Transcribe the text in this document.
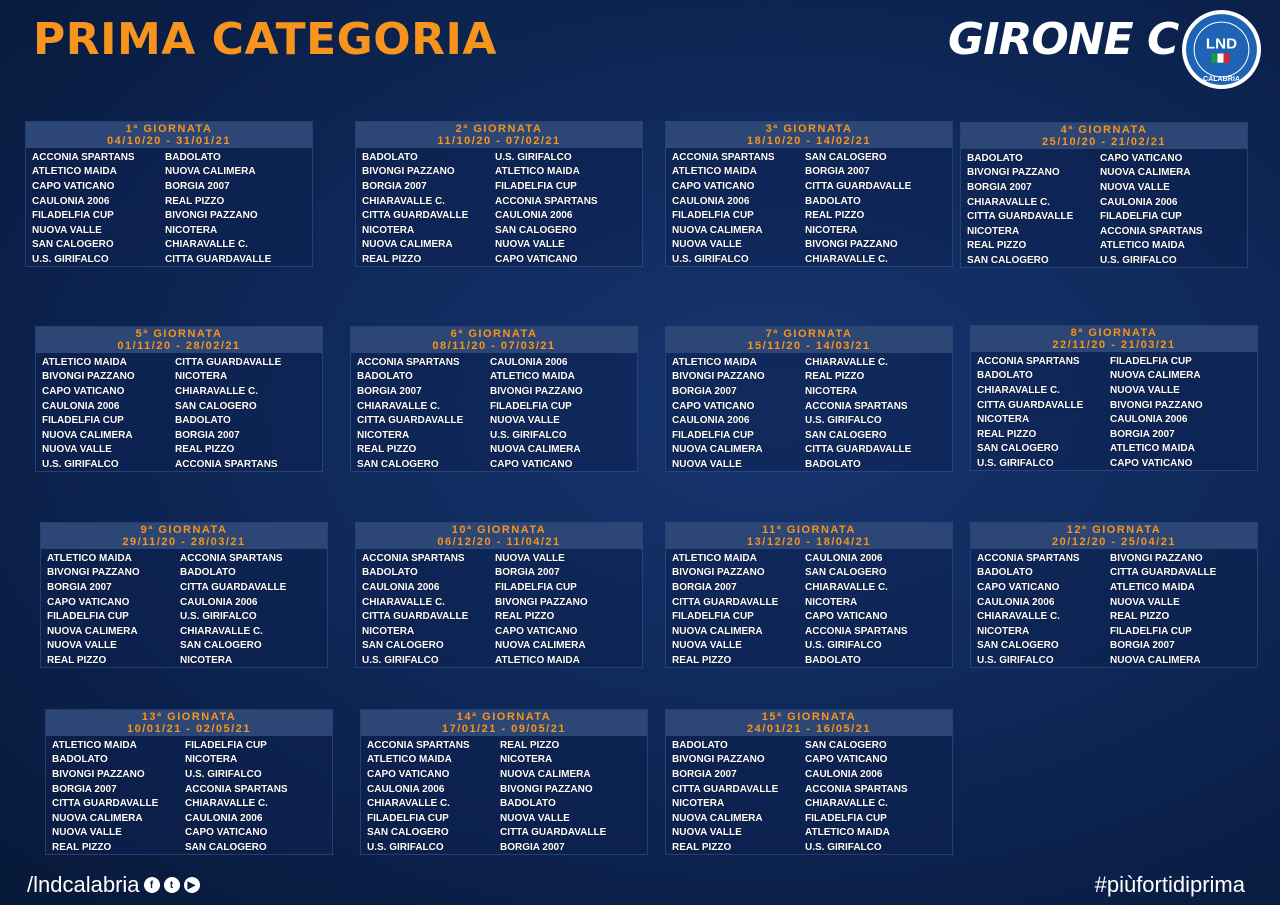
PRIMA CATEGORIA	GIRONE C LND
CALABRIA
1ª GIORNATA
04/10/20 - 31/01/21
ACCONIA SPARTANS	BADOLATO
ATLETICO MAIDA	NUOVA CALIMERA
CAPO VATICANO	BORGIA 2007
CAULONIA 2006	REAL PIZZO
FILADELFIA CUP	BIVONGI PAZZANO
NUOVA VALLE	NICOTERA
SAN CALOGERO	CHIARAVALLE C.
U.S. GIRIFALCO	CITTA GUARDAVALLE
2ª GIORNATA
11/10/20 - 07/02/21
BADOLATO	U.S. GIRIFALCO
BIVONGI PAZZANO	ATLETICO MAIDA
BORGIA 2007	FILADELFIA CUP
CHIARAVALLE C.	ACCONIA SPARTANS
CITTA GUARDAVALLE	CAULONIA 2006
NICOTERA	SAN CALOGERO
NUOVA CALIMERA	NUOVA VALLE
REAL PIZZO	CAPO VATICANO
3ª GIORNATA
18/10/20 - 14/02/21
ACCONIA SPARTANS	SAN CALOGERO
ATLETICO MAIDA	BORGIA 2007
CAPO VATICANO	CITTA GUARDAVALLE
CAULONIA 2006	BADOLATO
FILADELFIA CUP	REAL PIZZO
NUOVA CALIMERA	NICOTERA
NUOVA VALLE	BIVONGI PAZZANO
U.S. GIRIFALCO	CHIARAVALLE C.
4ª GIORNATA
25/10/20 - 21/02/21
BADOLATO	CAPO VATICANO
BIVONGI PAZZANO	NUOVA CALIMERA
BORGIA 2007	NUOVA VALLE
CHIARAVALLE C.	CAULONIA 2006
CITTA GUARDAVALLE	FILADELFIA CUP
NICOTERA	ACCONIA SPARTANS
REAL PIZZO	ATLETICO MAIDA
SAN CALOGERO	U.S. GIRIFALCO
5ª GIORNATA
01/11/20 - 28/02/21
ATLETICO MAIDA	CITTA GUARDAVALLE
BIVONGI PAZZANO	NICOTERA
CAPO VATICANO	CHIARAVALLE C.
CAULONIA 2006	SAN CALOGERO
FILADELFIA CUP	BADOLATO
NUOVA CALIMERA	BORGIA 2007
NUOVA VALLE	REAL PIZZO
U.S. GIRIFALCO	ACCONIA SPARTANS
6ª GIORNATA
08/11/20 - 07/03/21
ACCONIA SPARTANS	CAULONIA 2006
BADOLATO	ATLETICO MAIDA
BORGIA 2007	BIVONGI PAZZANO
CHIARAVALLE C.	FILADELFIA CUP
CITTA GUARDAVALLE	NUOVA VALLE
NICOTERA	U.S. GIRIFALCO
REAL PIZZO	NUOVA CALIMERA
SAN CALOGERO	CAPO VATICANO
7ª GIORNATA
15/11/20 - 14/03/21
ATLETICO MAIDA	CHIARAVALLE C.
BIVONGI PAZZANO	REAL PIZZO
BORGIA 2007	NICOTERA
CAPO VATICANO	ACCONIA SPARTANS
CAULONIA 2006	U.S. GIRIFALCO
FILADELFIA CUP	SAN CALOGERO
NUOVA CALIMERA	CITTA GUARDAVALLE
NUOVA VALLE	BADOLATO
8ª GIORNATA
22/11/20 - 21/03/21
ACCONIA SPARTANS	FILADELFIA CUP
BADOLATO	NUOVA CALIMERA
CHIARAVALLE C.	NUOVA VALLE
CITTA GUARDAVALLE	BIVONGI PAZZANO
NICOTERA	CAULONIA 2006
REAL PIZZO	BORGIA 2007
SAN CALOGERO	ATLETICO MAIDA
U.S. GIRIFALCO	CAPO VATICANO
9ª GIORNATA
29/11/20 - 28/03/21
ATLETICO MAIDA	ACCONIA SPARTANS
BIVONGI PAZZANO	BADOLATO
BORGIA 2007	CITTA GUARDAVALLE
CAPO VATICANO	CAULONIA 2006
FILADELFIA CUP	U.S. GIRIFALCO
NUOVA CALIMERA	CHIARAVALLE C.
NUOVA VALLE	SAN CALOGERO
REAL PIZZO	NICOTERA
10ª GIORNATA
06/12/20 - 11/04/21
ACCONIA SPARTANS	NUOVA VALLE
BADOLATO	BORGIA 2007
CAULONIA 2006	FILADELFIA CUP
CHIARAVALLE C.	BIVONGI PAZZANO
CITTA GUARDAVALLE	REAL PIZZO
NICOTERA	CAPO VATICANO
SAN CALOGERO	NUOVA CALIMERA
U.S. GIRIFALCO	ATLETICO MAIDA
11ª GIORNATA
13/12/20 - 18/04/21
ATLETICO MAIDA	CAULONIA 2006
BIVONGI PAZZANO	SAN CALOGERO
BORGIA 2007	CHIARAVALLE C.
CITTA GUARDAVALLE	NICOTERA
FILADELFIA CUP	CAPO VATICANO
NUOVA CALIMERA	ACCONIA SPARTANS
NUOVA VALLE	U.S. GIRIFALCO
REAL PIZZO	BADOLATO
12ª GIORNATA
20/12/20 - 25/04/21
ACCONIA SPARTANS	BIVONGI PAZZANO
BADOLATO	CITTA GUARDAVALLE
CAPO VATICANO	ATLETICO MAIDA
CAULONIA 2006	NUOVA VALLE
CHIARAVALLE C.	REAL PIZZO
NICOTERA	FILADELFIA CUP
SAN CALOGERO	BORGIA 2007
U.S. GIRIFALCO	NUOVA CALIMERA
13ª GIORNATA
10/01/21 - 02/05/21
ATLETICO MAIDA	FILADELFIA CUP
BADOLATO	NICOTERA
BIVONGI PAZZANO	U.S. GIRIFALCO
BORGIA 2007	ACCONIA SPARTANS
CITTA GUARDAVALLE	CHIARAVALLE C.
NUOVA CALIMERA	CAULONIA 2006
NUOVA VALLE	CAPO VATICANO
REAL PIZZO	SAN CALOGERO
14ª GIORNATA
17/01/21 - 09/05/21
ACCONIA SPARTANS	REAL PIZZO
ATLETICO MAIDA	NICOTERA
CAPO VATICANO	NUOVA CALIMERA
CAULONIA 2006	BIVONGI PAZZANO
CHIARAVALLE C.	BADOLATO
FILADELFIA CUP	NUOVA VALLE
SAN CALOGERO	CITTA GUARDAVALLE
U.S. GIRIFALCO	BORGIA 2007
15ª GIORNATA
24/01/21 - 16/05/21
BADOLATO	SAN CALOGERO
BIVONGI PAZZANO	CAPO VATICANO
BORGIA 2007	CAULONIA 2006
CITTA GUARDAVALLE	ACCONIA SPARTANS
NICOTERA	CHIARAVALLE C.
NUOVA CALIMERA	FILADELFIA CUP
NUOVA VALLE	ATLETICO MAIDA
REAL PIZZO	U.S. GIRIFALCO
/lndcalabria	f	t	▶	#piùfortidiprima
